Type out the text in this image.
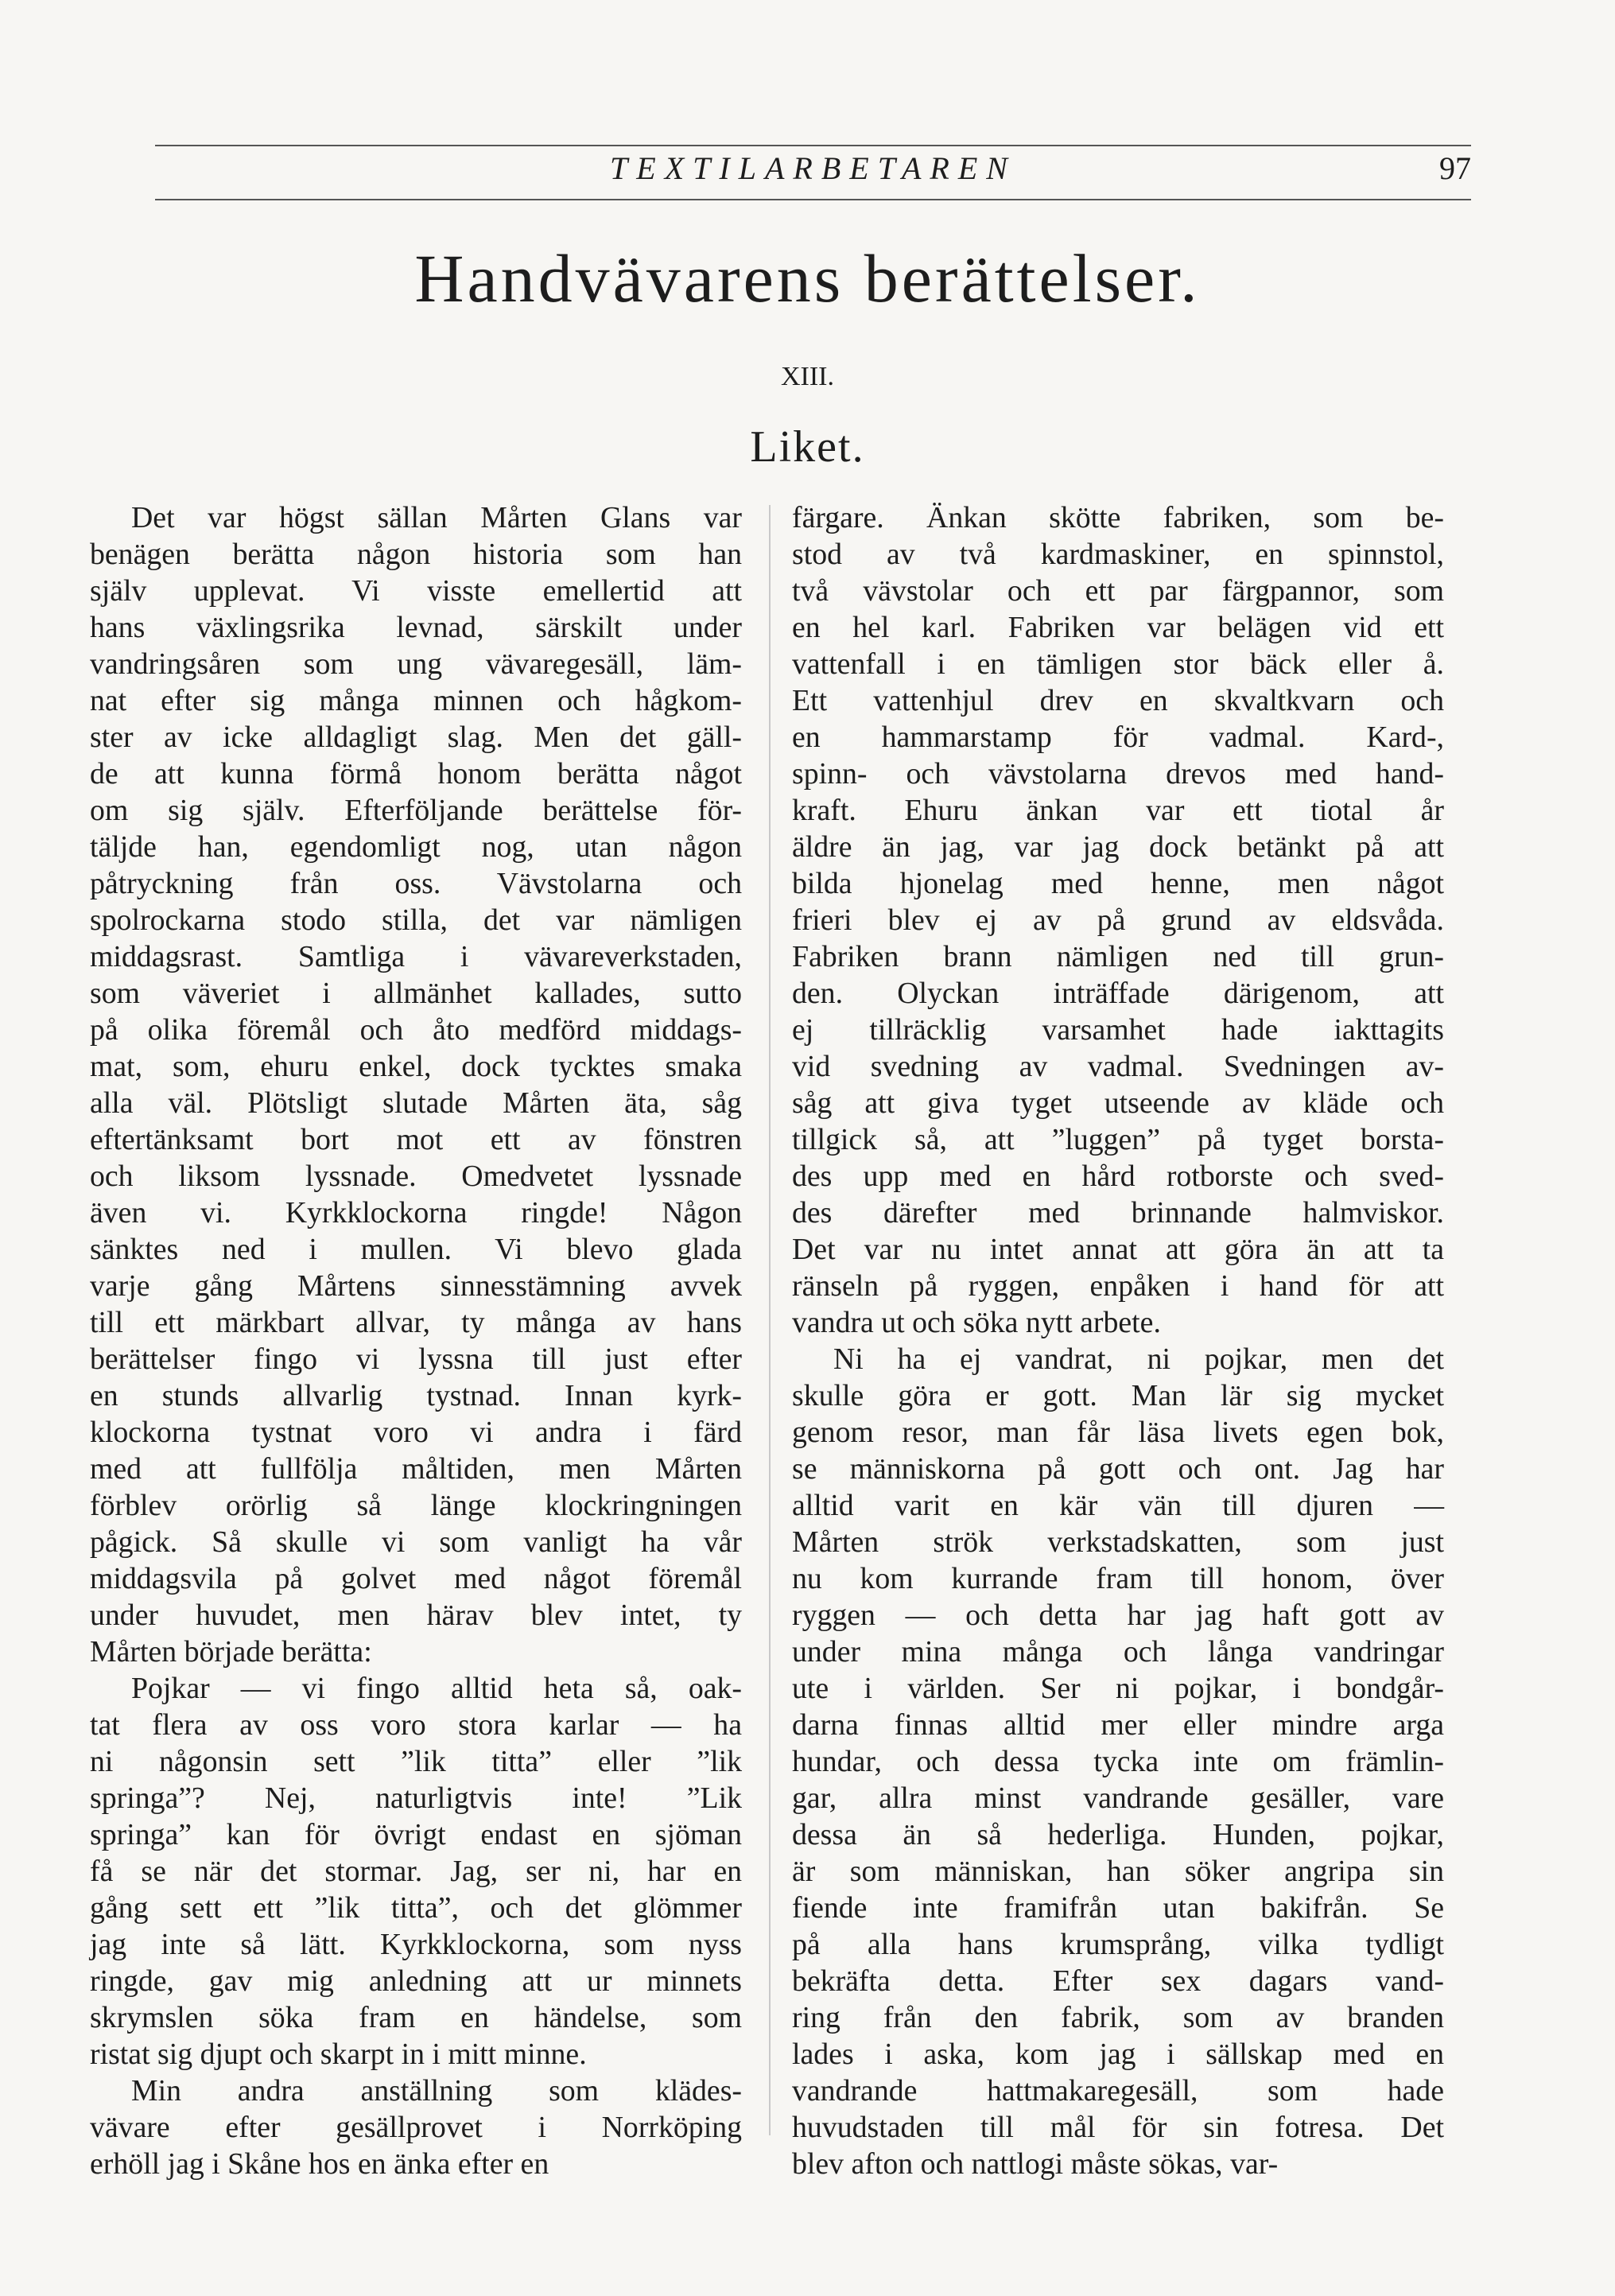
TEXTILARBETAREN	97
Handvävarens berättelser.
XIII.
Liket.

Det var högst sällan Mårten Glans var
benägen berätta någon historia som han
själv upplevat. Vi visste emellertid att
hans växlingsrika levnad, särskilt under
vandringsåren som ung vävaregesäll, läm-
nat efter sig många minnen och hågkom-
ster av icke alldagligt slag. Men det gäll-
de att kunna förmå honom berätta något
om sig själv. Efterföljande berättelse för-
täljde han, egendomligt nog, utan någon
påtryckning från oss. Vävstolarna och
spolrockarna stodo stilla, det var nämligen
middagsrast. Samtliga i vävareverkstaden,
som väveriet i allmänhet kallades, sutto
på olika föremål och åto medförd middags-
mat, som, ehuru enkel, dock tycktes smaka
alla väl. Plötsligt slutade Mårten äta, såg
eftertänksamt bort mot ett av fönstren
och liksom lyssnade. Omedvetet lyssnade
även vi. Kyrkklockorna ringde! Någon
sänktes ned i mullen. Vi blevo glada
varje gång Mårtens sinnesstämning avvek
till ett märkbart allvar, ty många av hans
berättelser fingo vi lyssna till just efter
en stunds allvarlig tystnad. Innan kyrk-
klockorna tystnat voro vi andra i färd
med att fullfölja måltiden, men Mårten
förblev orörlig så länge klockringningen
pågick. Så skulle vi som vanligt ha vår
middagsvila på golvet med något föremål
under huvudet, men härav blev intet, ty
Mårten började berätta:

Pojkar — vi fingo alltid heta så, oak-
tat flera av oss voro stora karlar — ha
ni någonsin sett ”lik titta” eller ”lik
springa”? Nej, naturligtvis inte! ”Lik
springa” kan för övrigt endast en sjöman
få se när det stormar. Jag, ser ni, har en
gång sett ett ”lik titta”, och det glömmer
jag inte så lätt. Kyrkklockorna, som nyss
ringde, gav mig anledning att ur minnets
skrymslen söka fram en händelse, som
ristat sig djupt och skarpt in i mitt minne.

Min andra anställning som klädes-
vävare efter gesällprovet i Norrköping
erhöll jag i Skåne hos en änka efter en

färgare. Änkan skötte fabriken, som be-
stod av två kardmaskiner, en spinnstol,
två vävstolar och ett par färgpannor, som
en hel karl. Fabriken var belägen vid ett
vattenfall i en tämligen stor bäck eller å.
Ett vattenhjul drev en skvaltkvarn och
en hammarstamp för vadmal. Kard-,
spinn- och vävstolarna drevos med hand-
kraft. Ehuru änkan var ett tiotal år
äldre än jag, var jag dock betänkt på att
bilda hjonelag med henne, men något
frieri blev ej av på grund av eldsvåda.
Fabriken brann nämligen ned till grun-
den. Olyckan inträffade därigenom, att
ej tillräcklig varsamhet hade iakttagits
vid svedning av vadmal. Svedningen av-
såg att giva tyget utseende av kläde och
tillgick så, att ”luggen” på tyget borsta-
des upp med en hård rotborste och sved-
des därefter med brinnande halmviskor.
Det var nu intet annat att göra än att ta
ränseln på ryggen, enpåken i hand för att
vandra ut och söka nytt arbete.

Ni ha ej vandrat, ni pojkar, men det
skulle göra er gott. Man lär sig mycket
genom resor, man får läsa livets egen bok,
se människorna på gott och ont. Jag har
alltid varit en kär vän till djuren —
Mårten strök verkstadskatten, som just
nu kom kurrande fram till honom, över
ryggen — och detta har jag haft gott av
under mina många och långa vandringar
ute i världen. Ser ni pojkar, i bondgår-
darna finnas alltid mer eller mindre arga
hundar, och dessa tycka inte om främlin-
gar, allra minst vandrande gesäller, vare
dessa än så hederliga. Hunden, pojkar,
är som människan, han söker angripa sin
fiende inte framifrån utan bakifrån. Se
på alla hans krumsprång, vilka tydligt
bekräfta detta. Efter sex dagars vand-
ring från den fabrik, som av branden
lades i aska, kom jag i sällskap med en
vandrande hattmakaregesäll, som hade
huvudstaden till mål för sin fotresa. Det
blev afton och nattlogi måste sökas, var-
